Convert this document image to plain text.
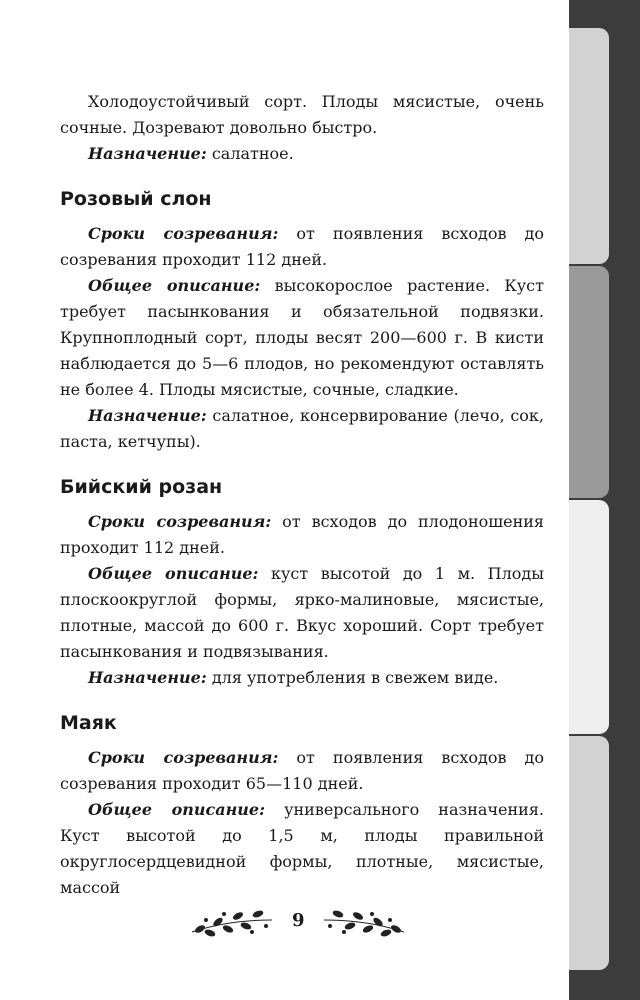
Холодоустойчивый сорт. Плоды мясистые, очень сочные. Дозревают довольно быстро.

Назначение: салатное.

Розовый слон

Сроки созревания: от появления всходов до созревания проходит 112 дней.

Общее описание: высокорослое растение. Куст требует пасынкования и обязательной подвязки. Крупноплодный сорт, плоды весят 200—600 г. В кисти наблюдается до 5—6 плодов, но рекомендуют оставлять не более 4. Плоды мясистые, сочные, сладкие.

Назначение: салатное, консервирование (лечо, сок, паста, кетчупы).

Бийский розан

Сроки созревания: от всходов до плодоношения проходит 112 дней.

Общее описание: куст высотой до 1 м. Плоды плоскоокруглой формы, ярко-малиновые, мясистые, плотные, массой до 600 г. Вкус хороший. Сорт требует пасынкования и подвязывания.

Назначение: для употребления в свежем виде.

Маяк

Сроки созревания: от появления всходов до созревания проходит 65—110 дней.

Общее описание: универсального назначения. Куст высотой до 1,5 м, плоды правильной округлосердцевидной формы, плотные, мясистые, массой

9
